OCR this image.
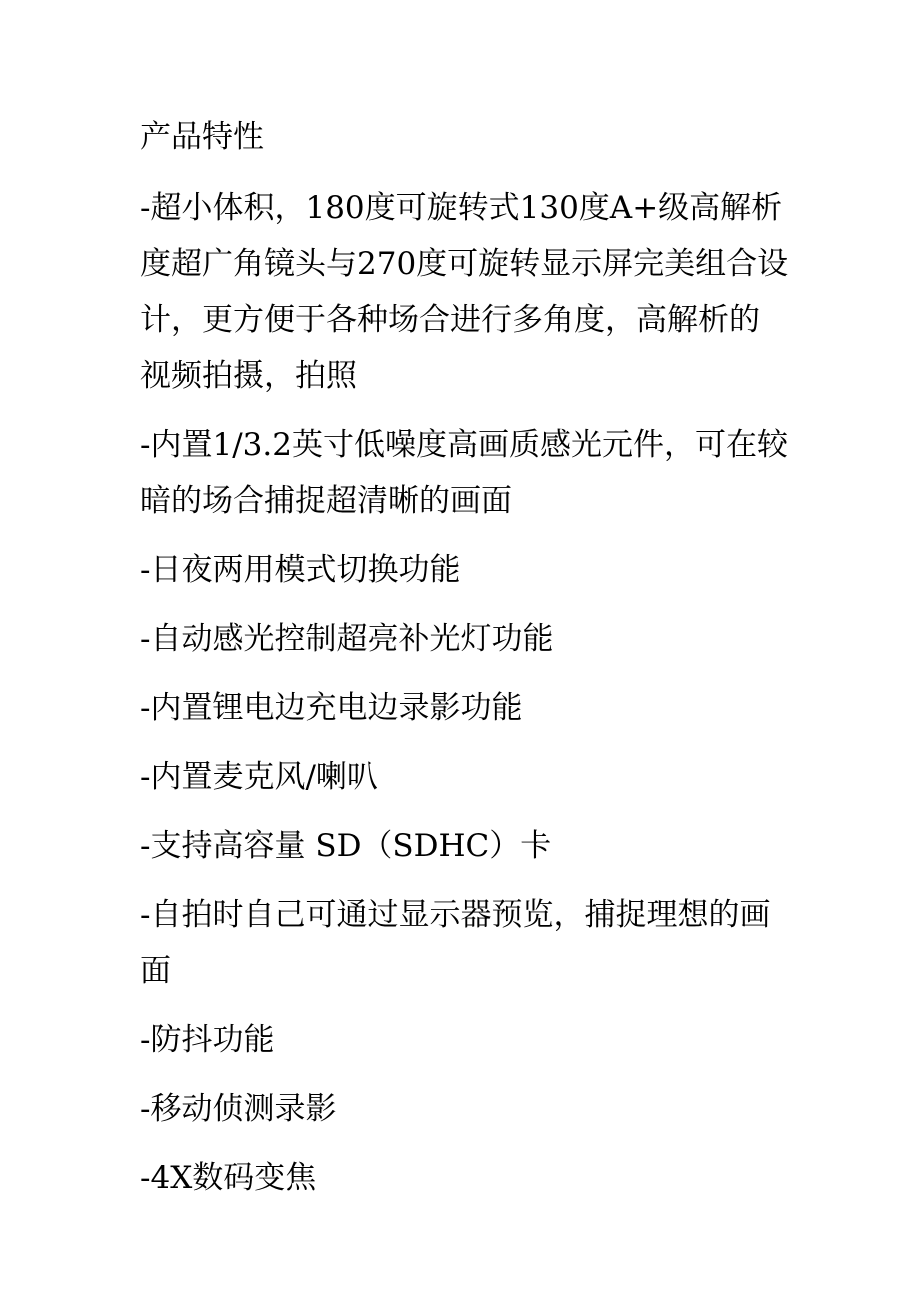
产品特性

-超小体积，180度可旋转式130度A+级高解析度超广角镜头与270度可旋转显示屏完美组合设计，更方便于各种场合进行多角度，高解析的视频拍摄，拍照

-内置1/3.2英寸低噪度高画质感光元件，可在较暗的场合捕捉超清晰的画面

-日夜两用模式切换功能

-自动感光控制超亮补光灯功能

-内置锂电边充电边录影功能

-内置麦克风/喇叭

-支持高容量 SD（SDHC）卡

-自拍时自己可通过显示器预览，捕捉理想的画面

-防抖功能

-移动侦测录影

-4X数码变焦
